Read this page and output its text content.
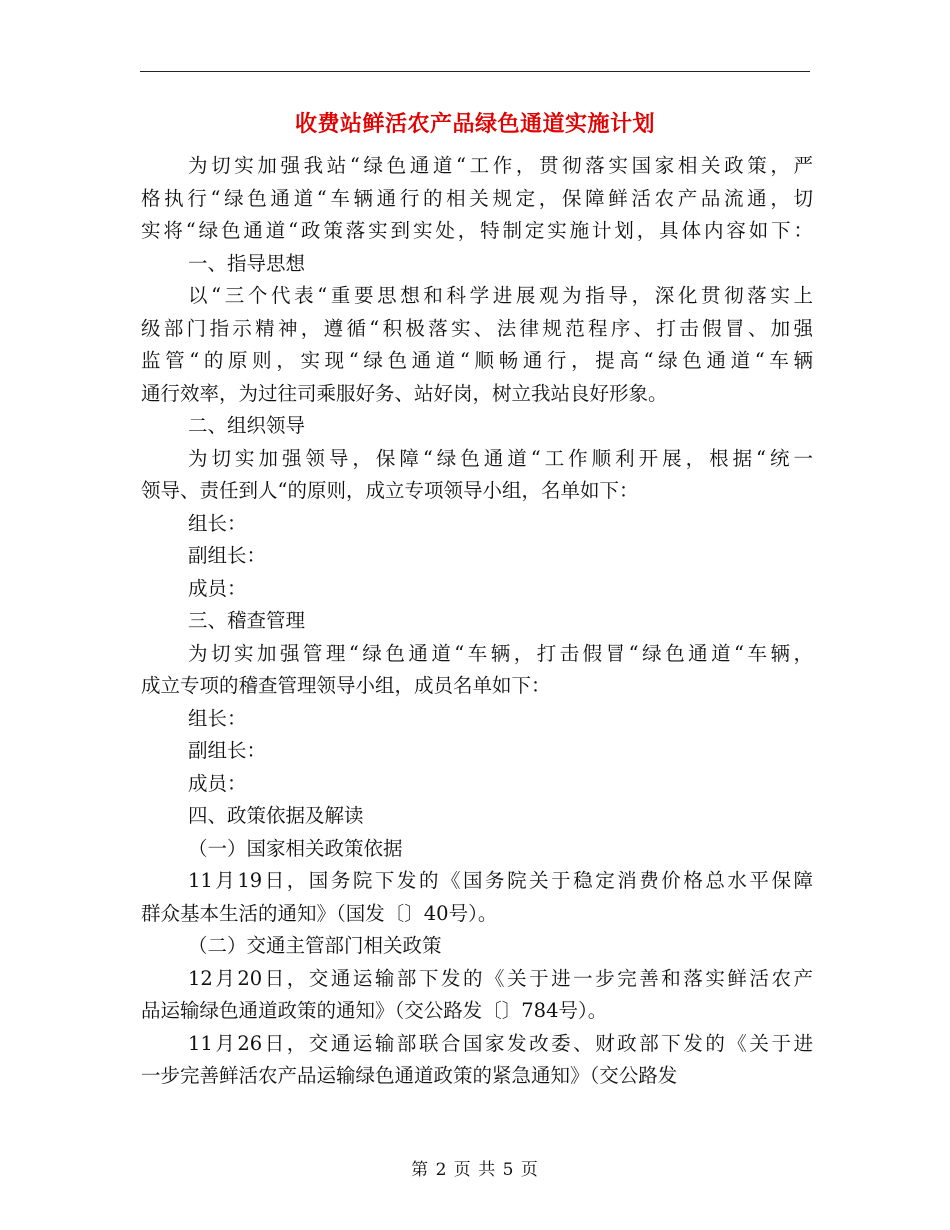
收费站鲜活农产品绿色通道实施计划
为切实加强我站“绿色通道“工作，贯彻落实国家相关政策，严
格执行“绿色通道“车辆通行的相关规定，保障鲜活农产品流通，切
实将“绿色通道“政策落实到实处，特制定实施计划，具体内容如下：
一、指导思想
以“三个代表“重要思想和科学进展观为指导，深化贯彻落实上
级部门指示精神，遵循“积极落实、法律规范程序、打击假冒、加强
监管“的原则，实现“绿色通道“顺畅通行，提高“绿色通道“车辆
通行效率，为过往司乘服好务、站好岗，树立我站良好形象。
二、组织领导
为切实加强领导，保障“绿色通道“工作顺利开展，根据“统一
领导、责任到人“的原则，成立专项领导小组，名单如下：
组长：
副组长：
成员：
三、稽查管理
为切实加强管理“绿色通道“车辆，打击假冒“绿色通道“车辆，
成立专项的稽查管理领导小组，成员名单如下：
组长：
副组长：
成员：
四、政策依据及解读
（一）国家相关政策依据
11月19日，国务院下发的《国务院关于稳定消费价格总水平保障
群众基本生活的通知》（国发〔〕40号）。
（二）交通主管部门相关政策
12月20日，交通运输部下发的《关于进一步完善和落实鲜活农产
品运输绿色通道政策的通知》（交公路发〔〕784号）。
11月26日，交通运输部联合国家发改委、财政部下发的《关于进
一步完善鲜活农产品运输绿色通道政策的紧急通知》（交公路发
第 2 页 共 5 页
